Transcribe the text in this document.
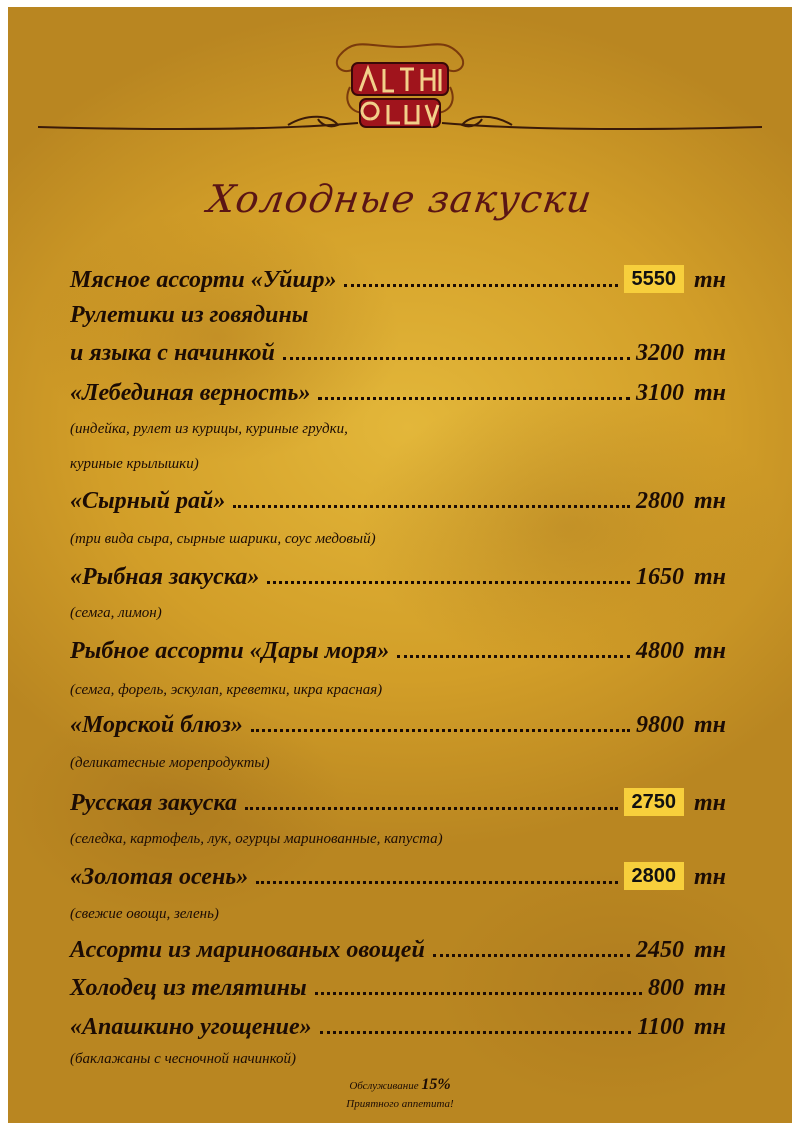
Холодные закуски
Мясное ассорти «Уйшр»	5550 тн
Рулетики из говядины
и языка с начинкой	3200 тн
«Лебединая верность»	3100 тн
(индейка, рулет из курицы, куриные грудки,
куриные крылышки)
«Сырный рай»	2800 тн
(три вида сыра, сырные шарики, соус медовый)
«Рыбная закуска»	1650 тн
(семга, лимон)
Рыбное ассорти «Дары моря»	4800 тн
(семга, форель, эскулап, креветки, икра красная)
«Морской блюз»	9800 тн
(деликатесные морепродукты)
Русская закуска	2750 тн
(селедка, картофель, лук, огурцы маринованные, капуста)
«Золотая осень»	2800 тн
(свежие овощи, зелень)
Ассорти из маринованых овощей	2450 тн
Холодец из телятины	800 тн
«Апашкино угощение»	1100 тн
(баклажаны с чесночной начинкой)
Обслуживание 15%
Приятного аппетита!
